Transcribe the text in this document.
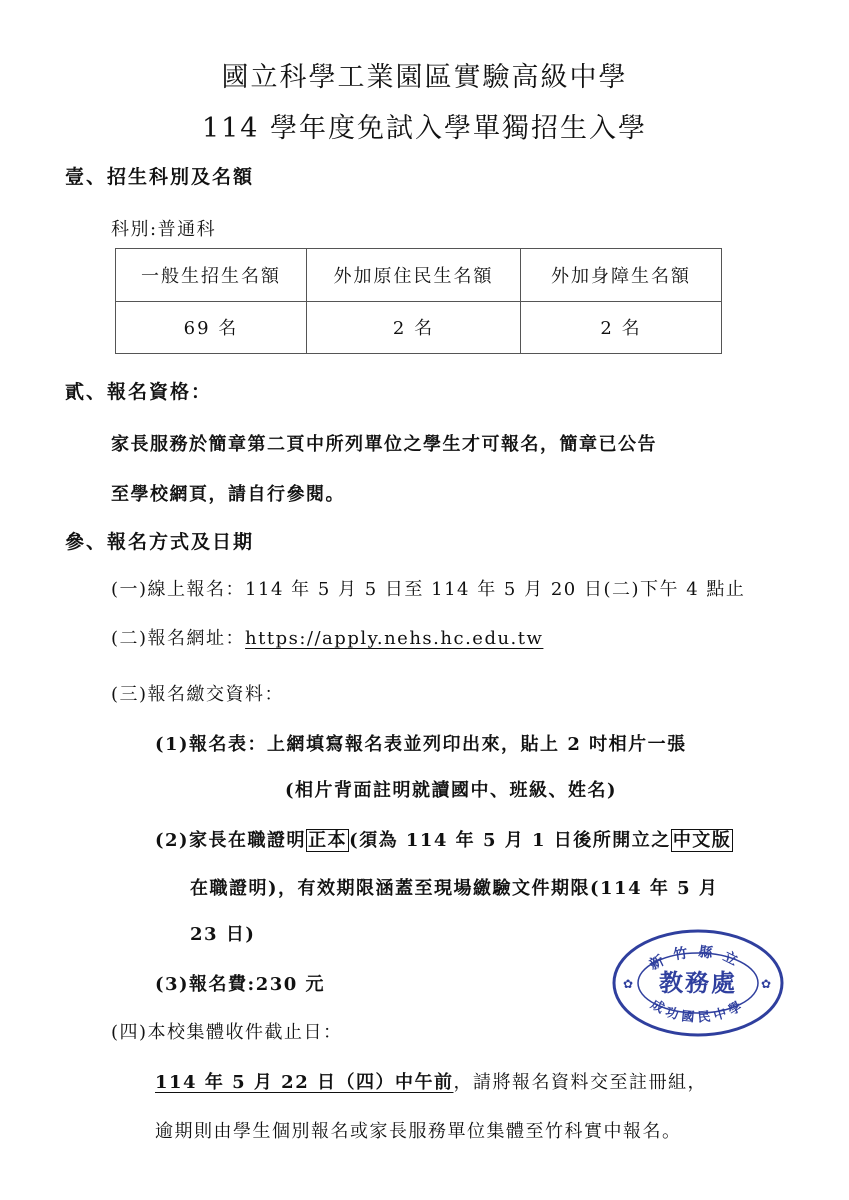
國立科學工業園區實驗高級中學
114 學年度免試入學單獨招生入學
壹、招生科別及名額
科別:普通科
一般生招生名額	外加原住民生名額	外加身障生名額
69 名	2 名	2 名
貳、報名資格：
家長服務於簡章第二頁中所列單位之學生才可報名，簡章已公告
至學校網頁，請自行參閱。
參、報名方式及日期
(一)線上報名：114 年 5 月 5 日至 114 年 5 月 20 日(二)下午 4 點止
(二)報名網址：https://apply.nehs.hc.edu.tw
(三)報名繳交資料：
(1)報名表：上網填寫報名表並列印出來，貼上 2 吋相片一張
(相片背面註明就讀國中、班級、姓名)
(2)家長在職證明 正本 (須為 114 年 5 月 1 日後所開立之 中文版
在職證明)，有效期限涵蓋至現場繳驗文件期限(114 年 5 月
23 日)
(3)報名費:230 元
(四)本校集體收件截止日：
114 年 5 月 22 日（四）中午前，請將報名資料交至註冊組，
逾期則由學生個別報名或家長服務單位集體至竹科實中報名。
新竹縣立
成功國民中學
教務處
✿	✿
